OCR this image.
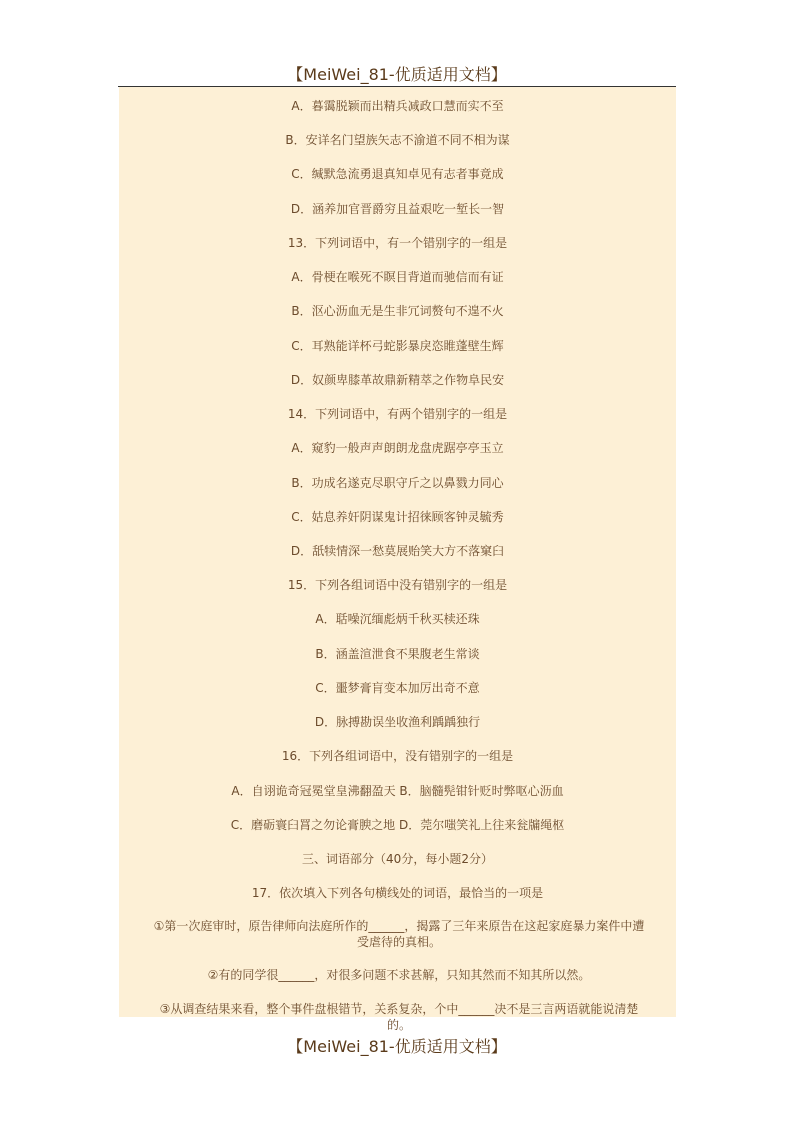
【MeiWei_81-优质适用文档】
A．暮霭脱颖而出精兵减政口慧而实不至
B．安详名门望族矢志不渝道不同不相为谋
C．缄默急流勇退真知卓见有志者事竟成
D．涵养加官晋爵穷且益艰吃一堑长一智
13．下列词语中，有一个错别字的一组是
A．骨梗在喉死不瞑目背道而驰信而有证
B．沤心沥血无是生非冗词赘句不遑不火
C．耳熟能详杯弓蛇影暴戾恣睢蓬壁生辉
D．奴颜卑膝革故鼎新精萃之作物阜民安
14．下列词语中，有两个错别字的一组是
A．窥豹一般声声朗朗龙盘虎踞亭亭玉立
B．功成名遂克尽职守斤之以鼻戮力同心
C．姑息养奸阴谋鬼计招徕顾客钟灵毓秀
D．舐犊情深一愁莫展贻笑大方不落窠臼
15．下列各组词语中没有错别字的一组是
A．聒噪沉缅彪炳千秋买椟还珠
B．涵盖渲泄食不果腹老生常谈
C．噩梦膏肓变本加厉出奇不意
D．脉搏勘误坐收渔利踽踽独行
16．下列各组词语中，没有错别字的一组是
A．自诩诡奇冠冕堂皇沸翻盈天 B．脑髓髡钳针贬时弊呕心沥血
C．磨砺寰臼罥之勿论膏腴之地 D．莞尔嗤笑礼上往来瓮牖绳枢
三、词语部分（40分，每小题2分）
17．依次填入下列各句横线处的词语，最恰当的一项是
①第一次庭审时，原告律师向法庭所作的______，揭露了三年来原告在这起家庭暴力案件中遭受虐待的真相。
②有的同学很______，对很多问题不求甚解，只知其然而不知其所以然。
③从调查结果来看，整个事件盘根错节，关系复杂，个中______决不是三言两语就能说清楚的。
【MeiWei_81-优质适用文档】
